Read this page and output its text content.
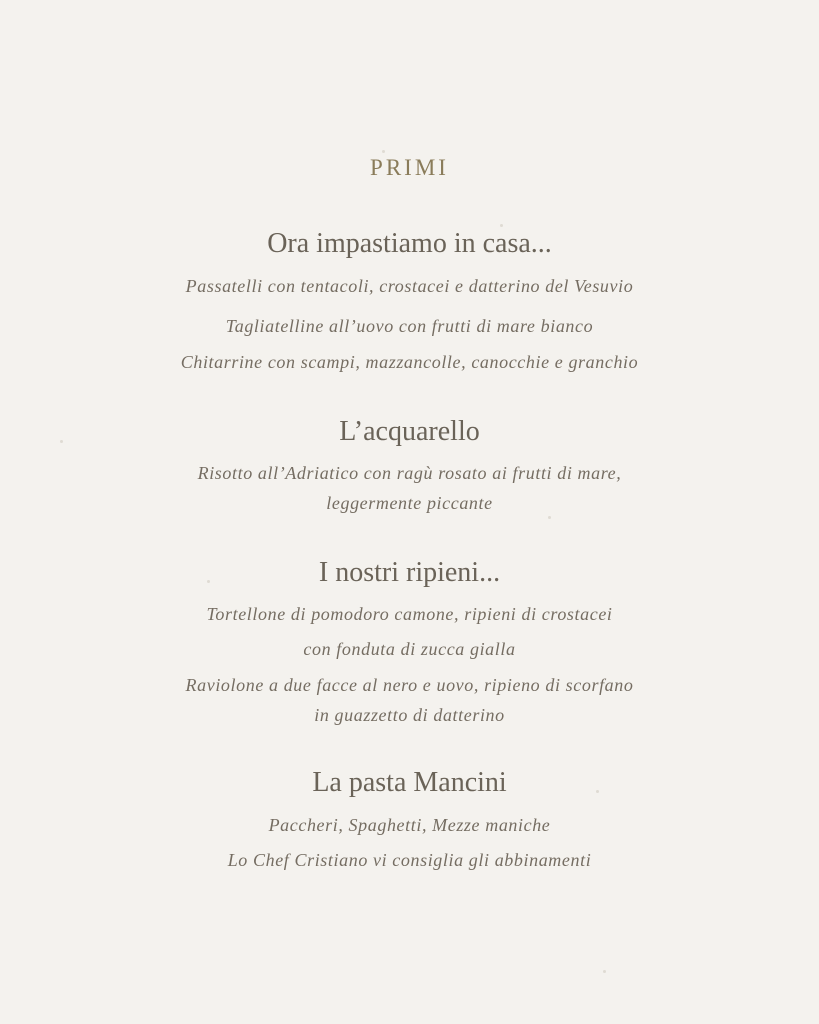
PRIMI
Ora impastiamo in casa...
Passatelli con tentacoli, crostacei e datterino del Vesuvio
Tagliatelline all’uovo con frutti di mare bianco
Chitarrine con scampi, mazzancolle, canocchie e granchio
L’acquarello
Risotto all’Adriatico con ragù rosato ai frutti di mare,
leggermente piccante
I nostri ripieni...
Tortellone di pomodoro camone, ripieni di crostacei
con fonduta di zucca gialla
Raviolone a due facce al nero e uovo, ripieno di scorfano
in guazzetto di datterino
La pasta Mancini
Paccheri, Spaghetti, Mezze maniche
Lo Chef Cristiano vi consiglia gli abbinamenti
